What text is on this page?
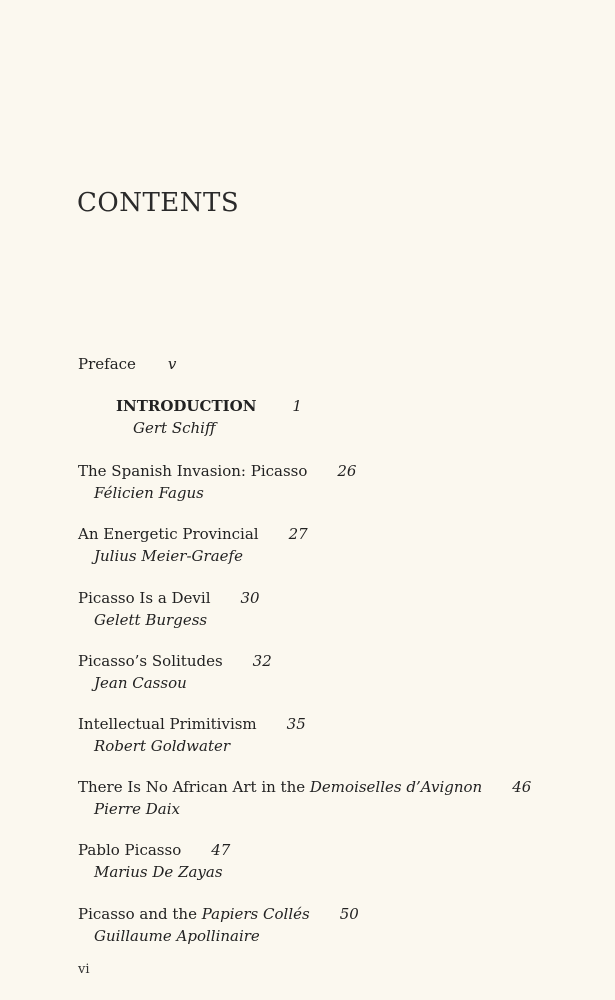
CONTENTS
Preface v
INTRODUCTION 1
Gert Schiff
The Spanish Invasion: Picasso 26
Félicien Fagus
An Energetic Provincial 27
Julius Meier-Graefe
Picasso Is a Devil 30
Gelett Burgess
Picasso’s Solitudes 32
Jean Cassou
Intellectual Primitivism 35
Robert Goldwater
There Is No African Art in the Demoiselles d’Avignon 46
Pierre Daix
Pablo Picasso 47
Marius De Zayas
Picasso and the Papiers Collés 50
Guillaume Apollinaire
vi
